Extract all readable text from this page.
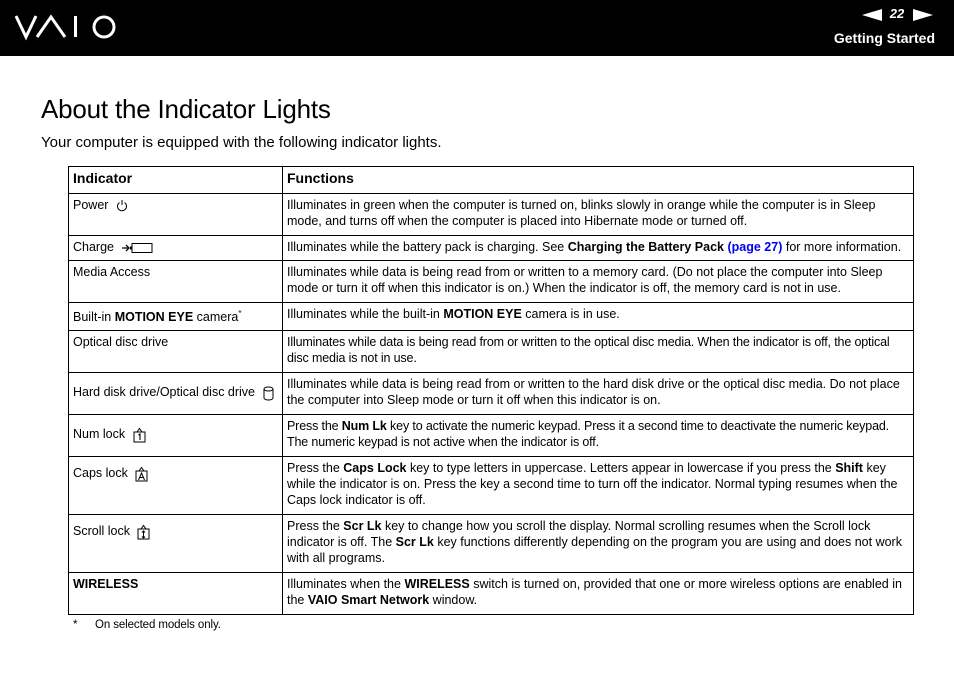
22
Getting Started
About the Indicator Lights

Your computer is equipped with the following indicator lights.

Indicator	Functions
Power	Illuminates in green when the computer is turned on, blinks slowly in orange while the computer is in Sleep mode, and turns off when the computer is placed into Hibernate mode or turned off.
Charge	Illuminates while the battery pack is charging. See Charging the Battery Pack (page 27) for more information.
Media Access	Illuminates while data is being read from or written to a memory card. (Do not place the computer into Sleep mode or turn it off when this indicator is on.) When the indicator is off, the memory card is not in use.
Built-in MOTION EYE camera*	Illuminates while the built-in MOTION EYE camera is in use.
Optical disc drive	Illuminates while data is being read from or written to the optical disc media. When the indicator is off, the optical disc media is not in use.
Hard disk drive/Optical disc drive	Illuminates while data is being read from or written to the hard disk drive or the optical disc media. Do not place the computer into Sleep mode or turn it off when this indicator is on.
Num lock	Press the Num Lk key to activate the numeric keypad. Press it a second time to deactivate the numeric keypad. The numeric keypad is not active when the indicator is off.
Caps lock	Press the Caps Lock key to type letters in uppercase. Letters appear in lowercase if you press the Shift key while the indicator is on. Press the key a second time to turn off the indicator. Normal typing resumes when the Caps lock indicator is off.
Scroll lock	Press the Scr Lk key to change how you scroll the display. Normal scrolling resumes when the Scroll lock indicator is off. The Scr Lk key functions differently depending on the program you are using and does not work with all programs.
WIRELESS	Illuminates when the WIRELESS switch is turned on, provided that one or more wireless options are enabled in the VAIO Smart Network window.
* On selected models only.
